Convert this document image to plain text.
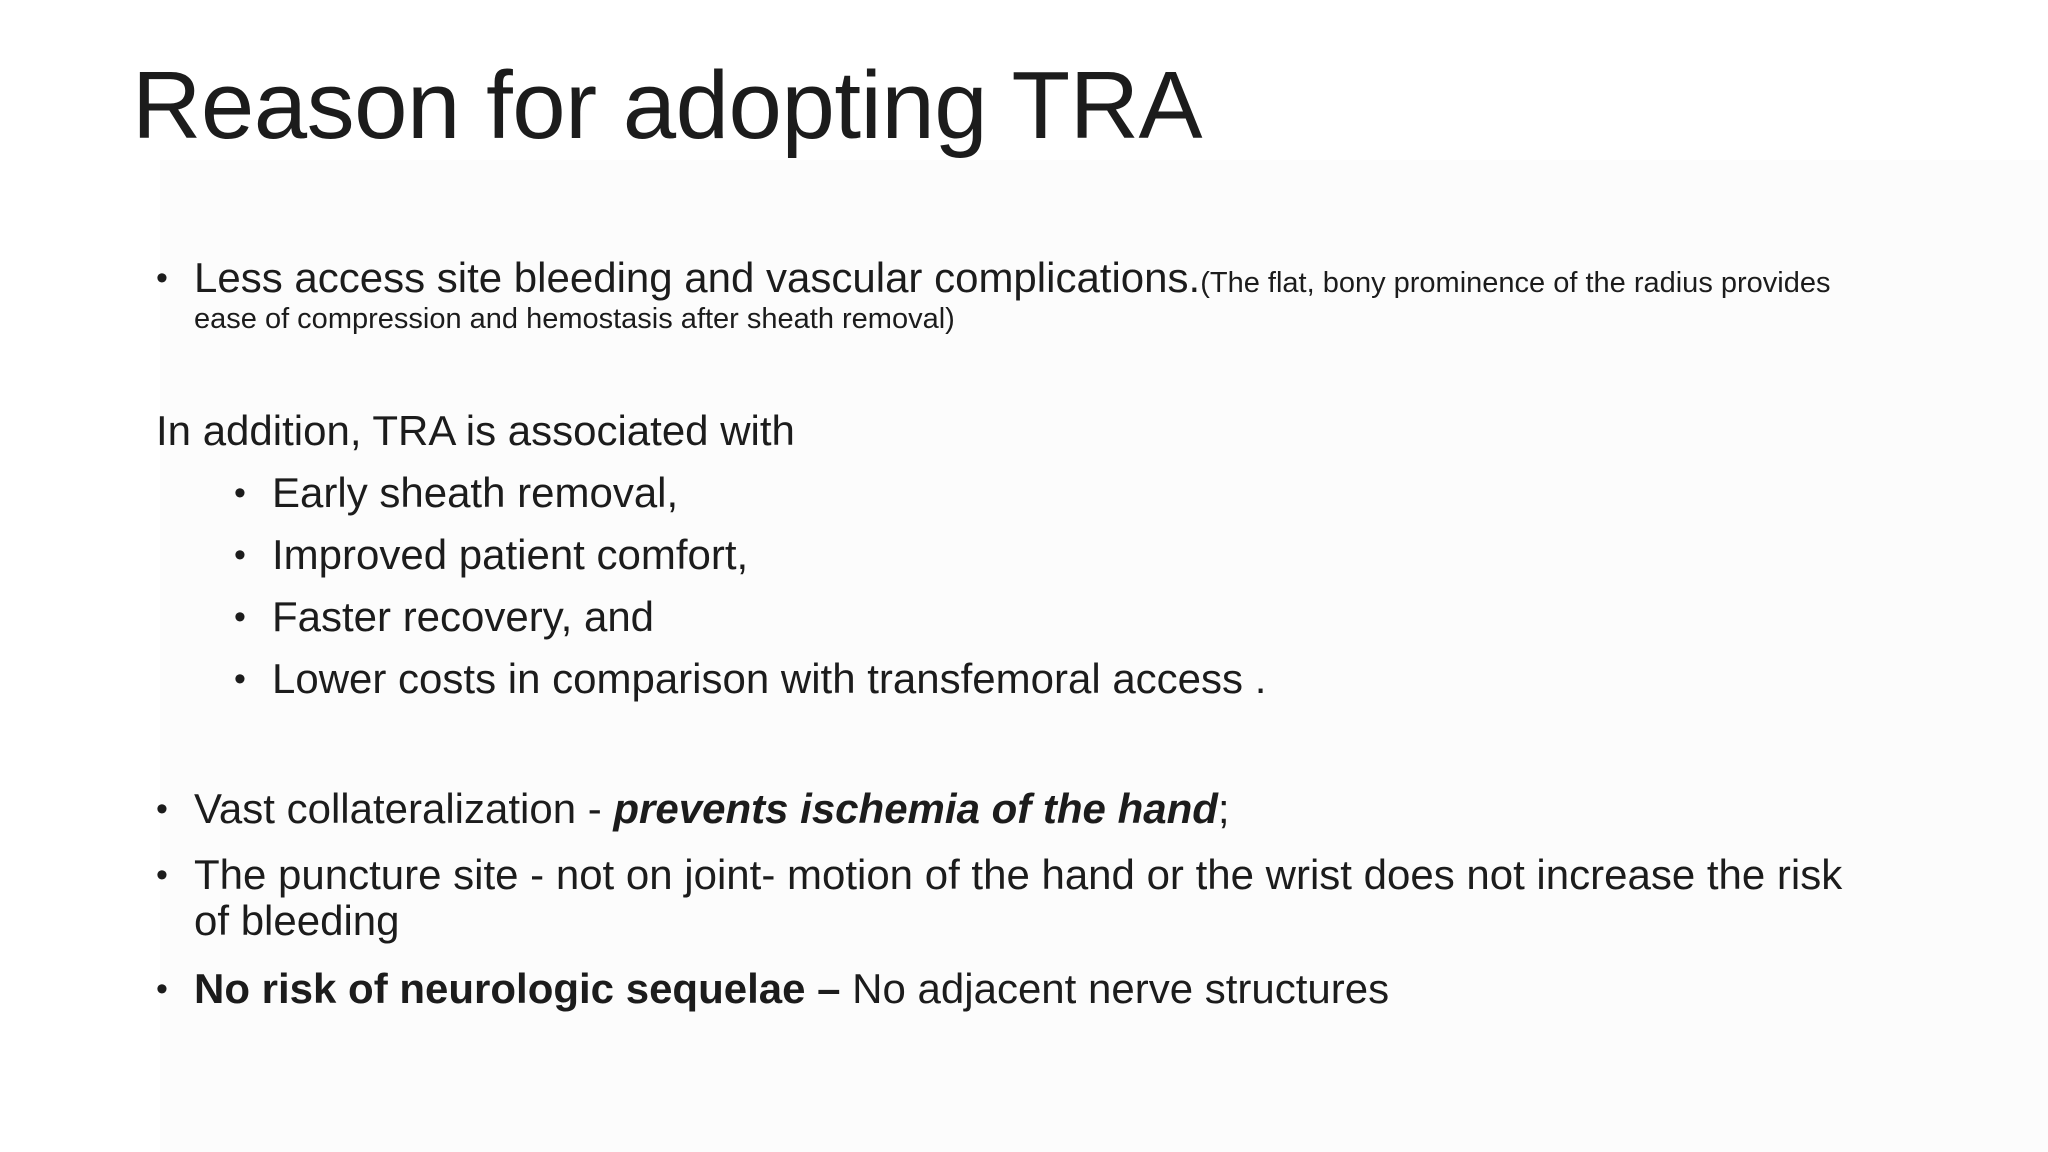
Reason for adopting TRA
• Less access site bleeding and vascular complications.(The flat, bony prominence of the radius provides
ease of compression and hemostasis after sheath removal)
In addition, TRA is associated with
• Early sheath removal,
• Improved patient comfort,
• Faster recovery, and
• Lower costs in comparison with transfemoral access .
• Vast collateralization - prevents ischemia of the hand;
• The puncture site - not on joint- motion of the hand or the wrist does not increase the risk
of bleeding
• No risk of neurologic sequelae – No adjacent nerve structures
